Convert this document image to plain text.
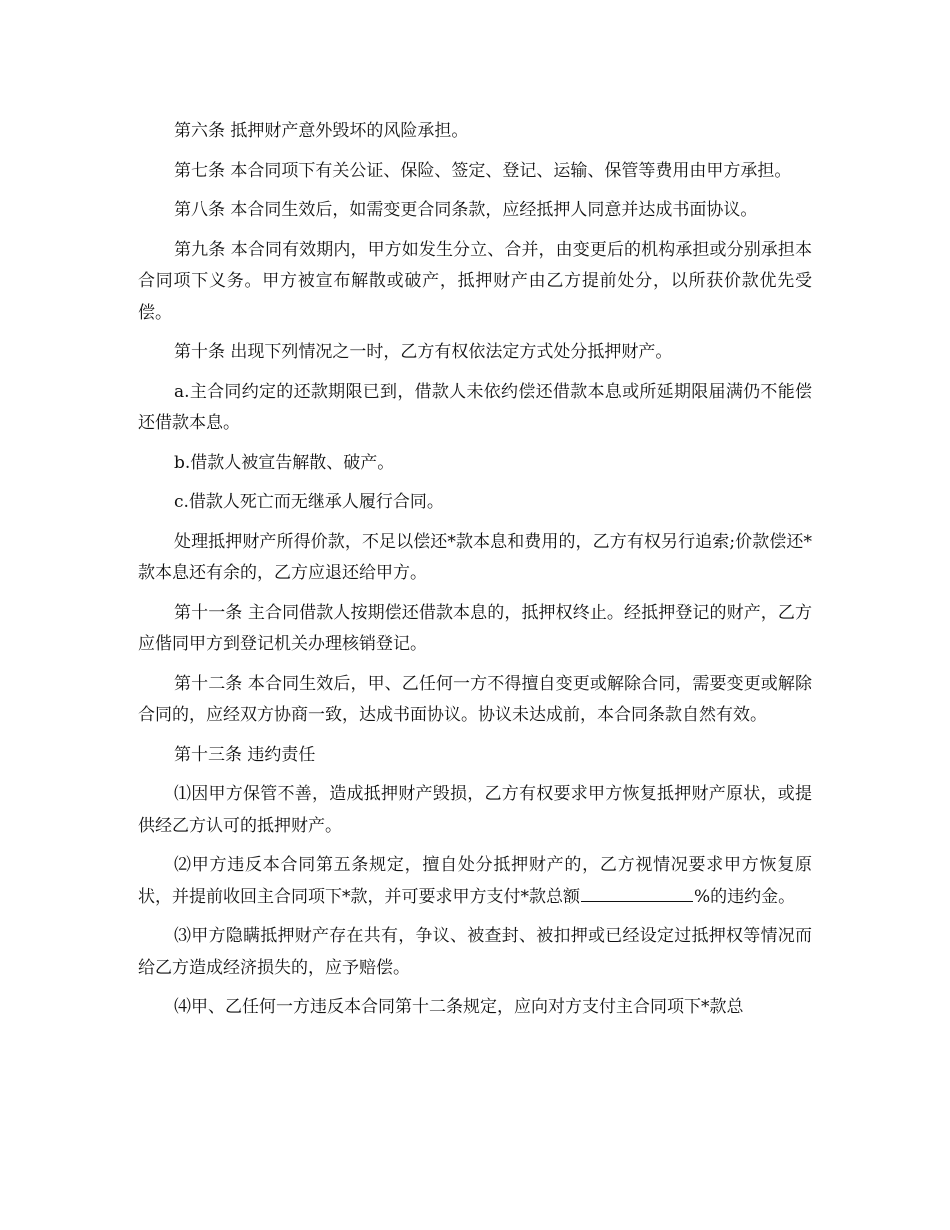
第六条 抵押财产意外毁坏的风险承担。

第七条 本合同项下有关公证、保险、签定、登记、运输、保管等费用由甲方承担。

第八条 本合同生效后，如需变更合同条款，应经抵押人同意并达成书面协议。

第九条 本合同有效期内，甲方如发生分立、合并，由变更后的机构承担或分别承担本合同项下义务。甲方被宣布解散或破产，抵押财产由乙方提前处分，以所获价款优先受偿。

第十条 出现下列情况之一时，乙方有权依法定方式处分抵押财产。

a.主合同约定的还款期限已到，借款人未依约偿还借款本息或所延期限届满仍不能偿还借款本息。

b.借款人被宣告解散、破产。

c.借款人死亡而无继承人履行合同。

处理抵押财产所得价款，不足以偿还*款本息和费用的，乙方有权另行追索;价款偿还*款本息还有余的，乙方应退还给甲方。

第十一条 主合同借款人按期偿还借款本息的，抵押权终止。经抵押登记的财产，乙方应偕同甲方到登记机关办理核销登记。

第十二条 本合同生效后，甲、乙任何一方不得擅自变更或解除合同，需要变更或解除合同的，应经双方协商一致，达成书面协议。协议未达成前，本合同条款自然有效。

第十三条 违约责任

⑴因甲方保管不善，造成抵押财产毁损，乙方有权要求甲方恢复抵押财产原状，或提供经乙方认可的抵押财产。

⑵甲方违反本合同第五条规定，擅自处分抵押财产的，乙方视情况要求甲方恢复原状，并提前收回主合同项下*款，并可要求甲方支付*款总额	%的违约金。

⑶甲方隐瞒抵押财产存在共有，争议、被查封、被扣押或已经设定过抵押权等情况而给乙方造成经济损失的，应予赔偿。

⑷甲、乙任何一方违反本合同第十二条规定，应向对方支付主合同项下*款总
